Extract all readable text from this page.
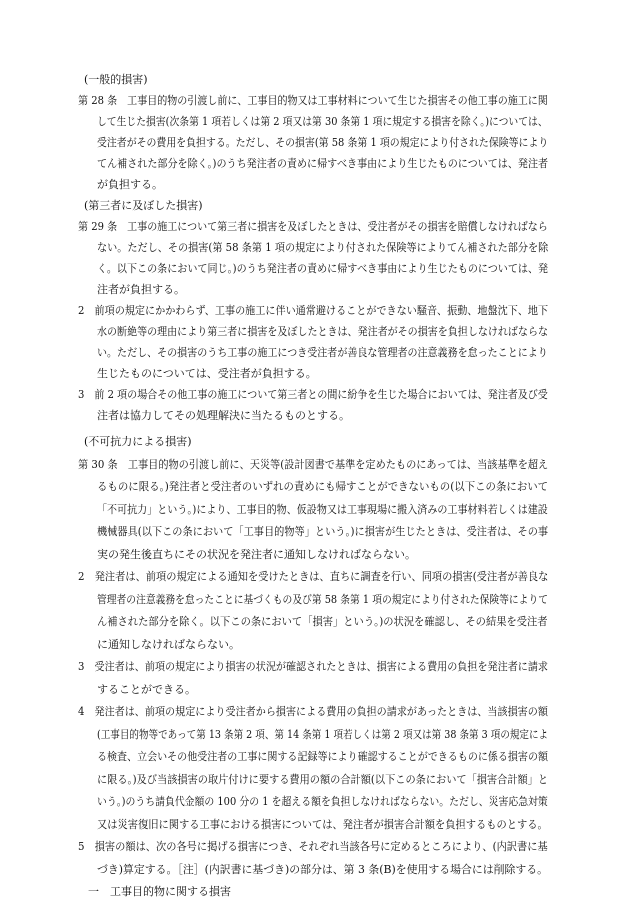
(一般的損害)

第 28 条　工事目的物の引渡し前に、工事目的物又は工事材料について生じた損害その他工事の施工に関
して生じた損害(次条第 1 項若しくは第 2 項又は第 30 条第 1 項に規定する損害を除く。)については、
受注者がその費用を負担する。ただし、その損害(第 58 条第 1 項の規定により付された保険等により
てん補された部分を除く。)のうち発注者の責めに帰すべき事由により生じたものについては、発注者
が負担する。

(第三者に及ぼした損害)

第 29 条　工事の施工について第三者に損害を及ぼしたときは、受注者がその損害を賠償しなければなら
ない。ただし、その損害(第 58 条第 1 項の規定により付された保険等によりてん補された部分を除
く。以下この条において同じ。)のうち発注者の責めに帰すべき事由により生じたものについては、発
注者が負担する。
2　前項の規定にかかわらず、工事の施工に伴い通常避けることができない騒音、振動、地盤沈下、地下
水の断絶等の理由により第三者に損害を及ぼしたときは、発注者がその損害を負担しなければならな
い。ただし、その損害のうち工事の施工につき受注者が善良な管理者の注意義務を怠ったことにより
生じたものについては、受注者が負担する。
3　前 2 項の場合その他工事の施工について第三者との間に紛争を生じた場合においては、発注者及び受
注者は協力してその処理解決に当たるものとする。

(不可抗力による損害)

第 30 条　工事目的物の引渡し前に、天災等(設計図書で基準を定めたものにあっては、当該基準を超え
るものに限る。)発注者と受注者のいずれの責めにも帰すことができないもの(以下この条において
「不可抗力」という。)により、工事目的物、仮設物又は工事現場に搬入済みの工事材料若しくは建設
機械器具(以下この条において「工事目的物等」という。)に損害が生じたときは、受注者は、その事
実の発生後直ちにその状況を発注者に通知しなければならない。
2　発注者は、前項の規定による通知を受けたときは、直ちに調査を行い、同項の損害(受注者が善良な
管理者の注意義務を怠ったことに基づくもの及び第 58 条第 1 項の規定により付された保険等によりて
ん補された部分を除く。以下この条において「損害」という。)の状況を確認し、その結果を受注者
に通知しなければならない。
3　受注者は、前項の規定により損害の状況が確認されたときは、損害による費用の負担を発注者に請求
することができる。
4　発注者は、前項の規定により受注者から損害による費用の負担の請求があったときは、当該損害の額
(工事目的物等であって第 13 条第 2 項、第 14 条第 1 項若しくは第 2 項又は第 38 条第 3 項の規定によ
る検査、立会いその他受注者の工事に関する記録等により確認することができるものに係る損害の額
に限る。)及び当該損害の取片付けに要する費用の額の合計額(以下この条において「損害合計額」と
いう。)のうち請負代金額の 100 分の 1 を超える額を負担しなければならない。ただし、災害応急対策
又は災害復旧に関する工事における損害については、発注者が損害合計額を負担するものとする。
5　損害の額は、次の各号に掲げる損害につき、それぞれ当該各号に定めるところにより、(内訳書に基
づき)算定する。［注］(内訳書に基づき)の部分は、第 3 条(B)を使用する場合には削除する。
一　工事目的物に関する損害
